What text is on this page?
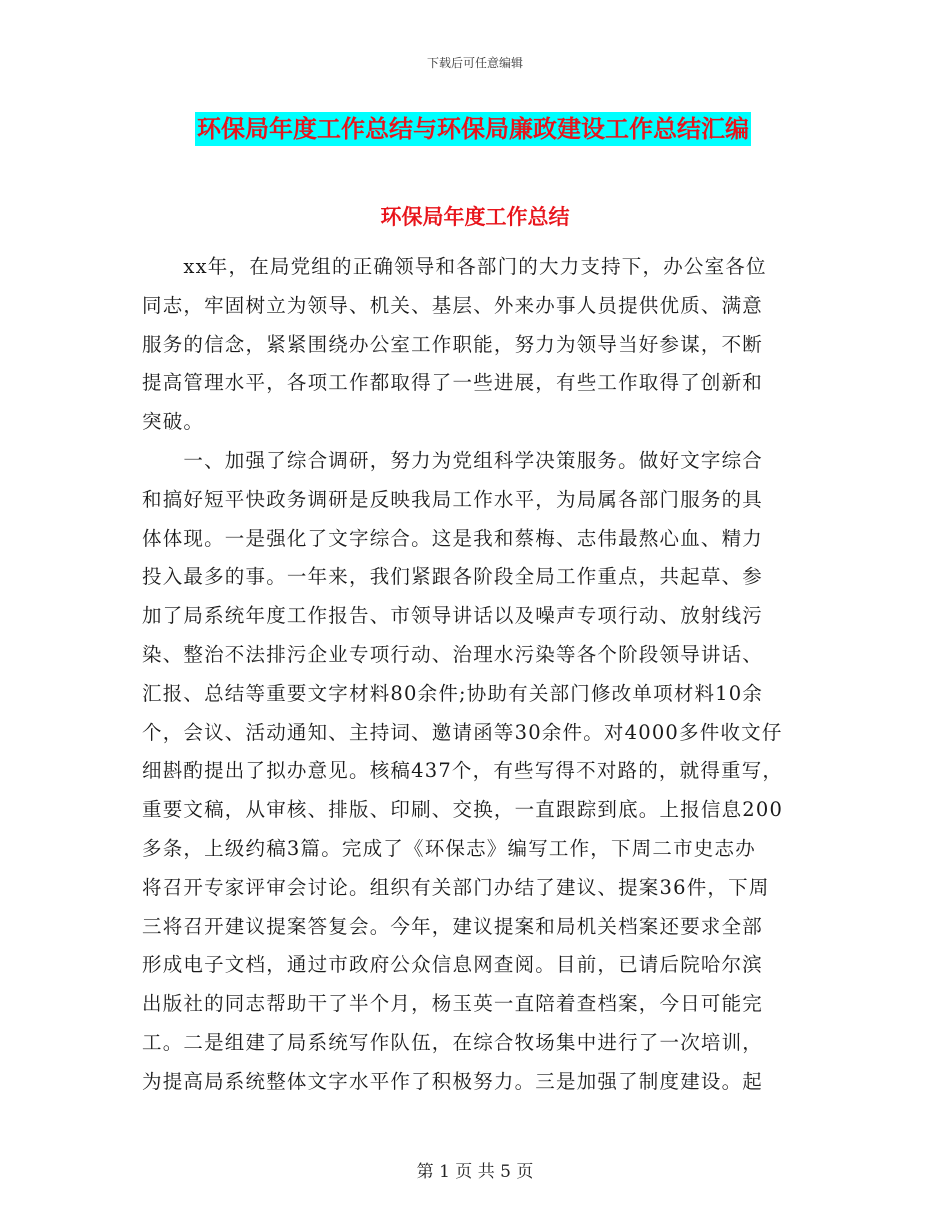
下载后可任意编辑
环保局年度工作总结与环保局廉政建设工作总结汇编
环保局年度工作总结
　　xx年，在局党组的正确领导和各部门的大力支持下，办公室各位
同志，牢固树立为领导、机关、基层、外来办事人员提供优质、满意
服务的信念，紧紧围绕办公室工作职能，努力为领导当好参谋，不断
提高管理水平，各项工作都取得了一些进展，有些工作取得了创新和
突破。
　　一、加强了综合调研，努力为党组科学决策服务。做好文字综合
和搞好短平快政务调研是反映我局工作水平，为局属各部门服务的具
体体现。一是强化了文字综合。这是我和蔡梅、志伟最熬心血、精力
投入最多的事。一年来，我们紧跟各阶段全局工作重点，共起草、参
加了局系统年度工作报告、市领导讲话以及噪声专项行动、放射线污
染、整治不法排污企业专项行动、治理水污染等各个阶段领导讲话、
汇报、总结等重要文字材料80余件;协助有关部门修改单项材料10余
个，会议、活动通知、主持词、邀请函等30余件。对4000多件收文仔
细斟酌提出了拟办意见。核稿437个，有些写得不对路的，就得重写，
重要文稿，从审核、排版、印刷、交换，一直跟踪到底。上报信息200
多条，上级约稿3篇。完成了《环保志》编写工作，下周二市史志办
将召开专家评审会讨论。组织有关部门办结了建议、提案36件，下周
三将召开建议提案答复会。今年，建议提案和局机关档案还要求全部
形成电子文档，通过市政府公众信息网查阅。目前，已请后院哈尔滨
出版社的同志帮助干了半个月，杨玉英一直陪着查档案，今日可能完
工。二是组建了局系统写作队伍，在综合牧场集中进行了一次培训，
为提高局系统整体文字水平作了积极努力。三是加强了制度建设。起
第 1 页 共 5 页
